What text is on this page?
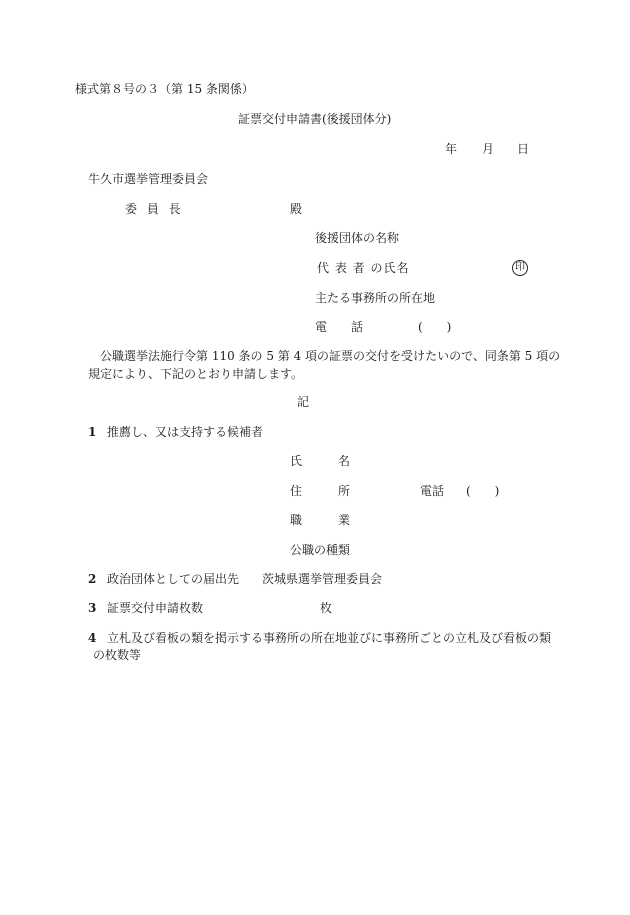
様式第８号の３（第 15 条関係）
証票交付申請書(後援団体分)
年 月 日
牛久市選挙管理委員会
委 員 長	殿
後援団体の名称
代 表 者 の氏名	印
主たる事務所の所在地
電　　話	(　　)
公職選挙法施行令第 110 条の 5 第 4 項の証票の交付を受けたいので、同条第 5 項の
規定により、下記のとおり申請します。
記
1 推薦し、又は支持する候補者
氏　　　名
住　　　所	電話 (　　)
職　　　業
公職の種類
2 政治団体としての届出先 茨城県選挙管理委員会
3 証票交付申請枚数	枚
4 立札及び看板の類を掲示する事務所の所在地並びに事務所ごとの立札及び看板の類
の枚数等
